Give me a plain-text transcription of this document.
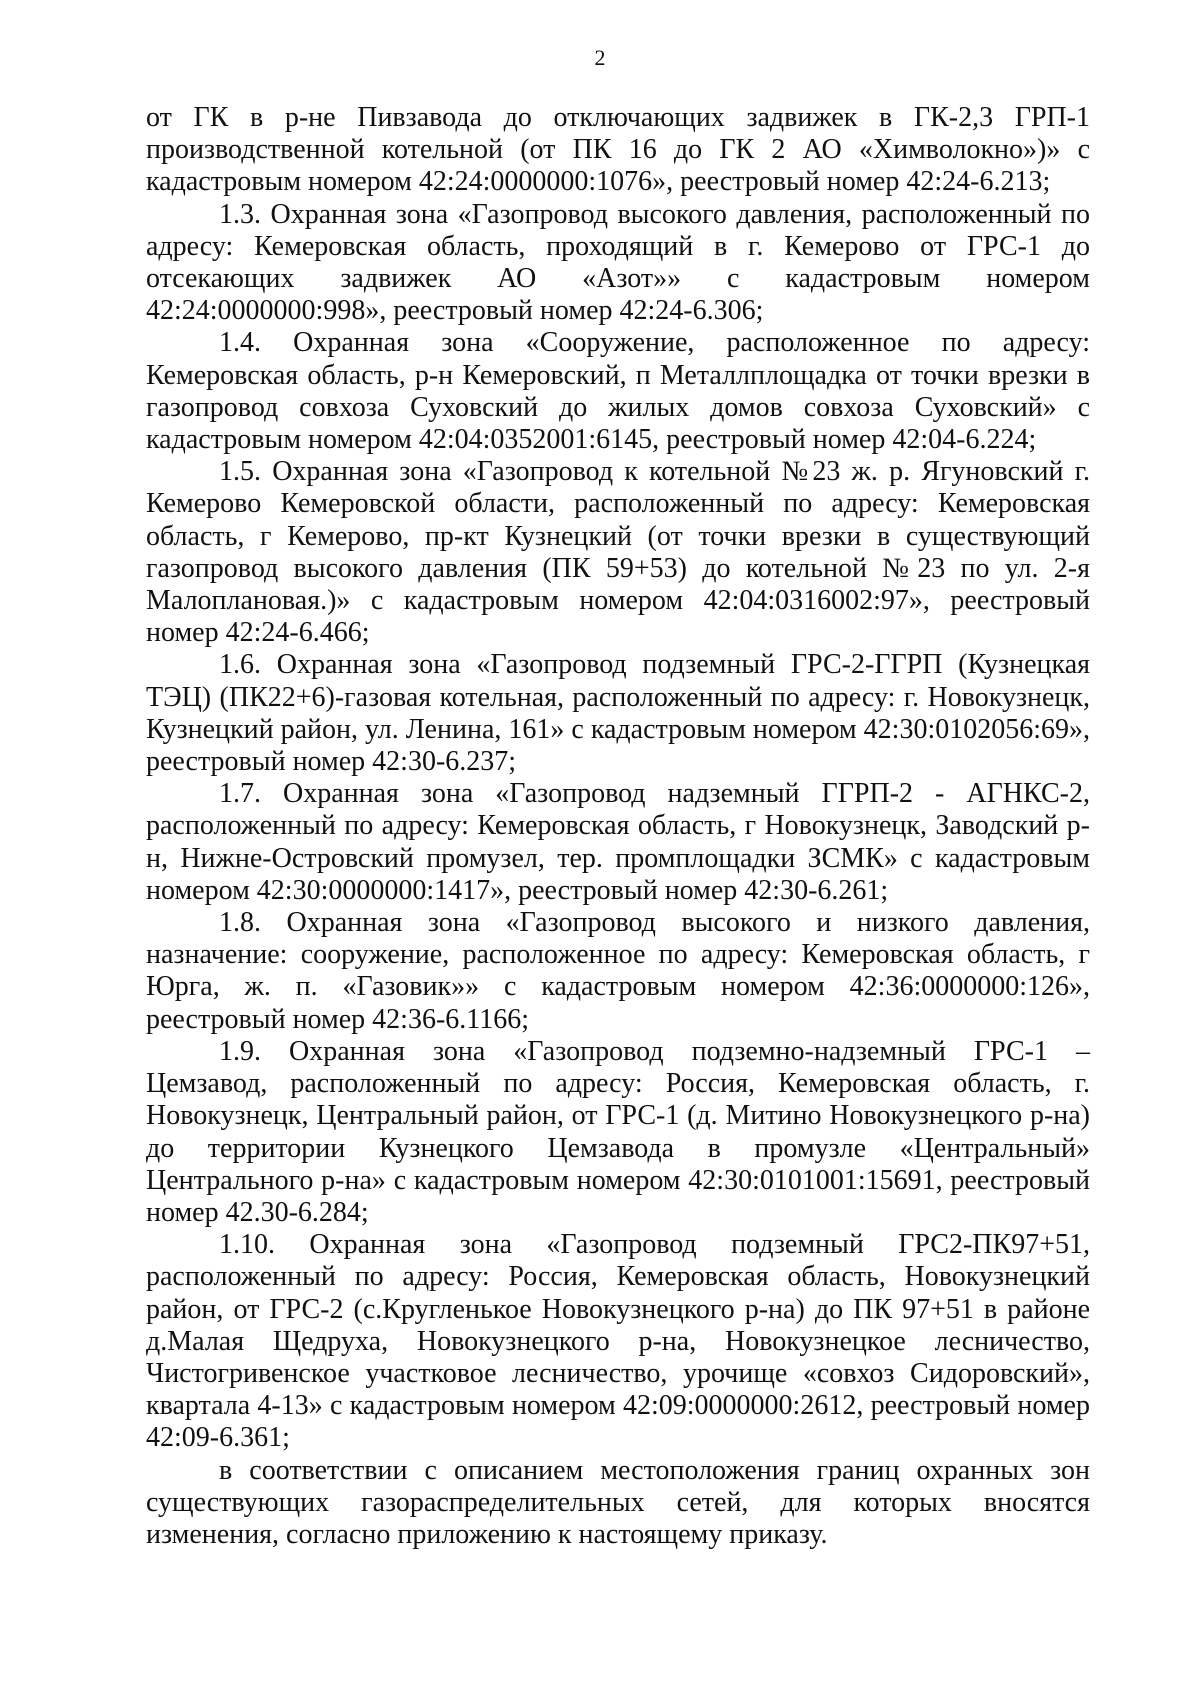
2

от ГК в р-не Пивзавода до отключающих задвижек в ГК-2,3 ГРП-1 производственной котельной (от ПК 16 до ГК 2 АО «Химволокно»)» с кадастровым номером 42:24:0000000:1076», реестровый номер 42:24-6.213;

1.3. Охранная зона «Газопровод высокого давления, расположенный по адресу: Кемеровская область, проходящий в г. Кемерово от ГРС-1 до отсекающих задвижек АО «Азот»» с кадастровым номером 42:24:0000000:998», реестровый номер 42:24-6.306;

1.4. Охранная зона «Сооружение, расположенное по адресу: Кемеровская область, р-н Кемеровский, п Металлплощадка от точки врезки в газопровод совхоза Суховский до жилых домов совхоза Суховский» с кадастровым номером 42:04:0352001:6145, реестровый номер 42:04-6.224;

1.5. Охранная зона «Газопровод к котельной №23 ж. р. Ягуновский г. Кемерово Кемеровской области, расположенный по адресу: Кемеровская область, г Кемерово, пр-кт Кузнецкий (от точки врезки в существующий газопровод высокого давления (ПК 59+53) до котельной №23 по ул. 2-я Малоплановая.)» с кадастровым номером 42:04:0316002:97», реестровый номер 42:24-6.466;

1.6. Охранная зона «Газопровод подземный ГРС-2-ГГРП (Кузнецкая ТЭЦ) (ПК22+6)-газовая котельная, расположенный по адресу: г. Новокузнецк, Кузнецкий район, ул. Ленина, 161» с кадастровым номером 42:30:0102056:69», реестровый номер 42:30-6.237;

1.7. Охранная зона «Газопровод надземный ГГРП-2 - АГНКС-2, расположенный по адресу: Кемеровская область, г Новокузнецк, Заводский р-н, Нижне-Островский промузел, тер. промплощадки ЗСМК» с кадастровым номером 42:30:0000000:1417», реестровый номер 42:30-6.261;

1.8. Охранная зона «Газопровод высокого и низкого давления, назначение: сооружение, расположенное по адресу: Кемеровская область, г Юрга, ж. п. «Газовик»» с кадастровым номером 42:36:0000000:126», реестровый номер 42:36-6.1166;

1.9. Охранная зона «Газопровод подземно-надземный ГРС-1 – Цемзавод, расположенный по адресу: Россия, Кемеровская область, г. Новокузнецк, Центральный район, от ГРС-1 (д. Митино Новокузнецкого р-на) до территории Кузнецкого Цемзавода в промузле «Центральный» Центрального р-на» с кадастровым номером 42:30:0101001:15691, реестровый номер 42.30-6.284;

1.10. Охранная зона «Газопровод подземный ГРС2-ПК97+51, расположенный по адресу: Россия, Кемеровская область, Новокузнецкий район, от ГРС-2 (с.Кругленькое Новокузнецкого р-на) до ПК 97+51 в районе д.Малая Щедруха, Новокузнецкого р-на, Новокузнецкое лесничество, Чистогривенское участковое лесничество, урочище «совхоз Сидоровский», квартала 4-13» с кадастровым номером 42:09:0000000:2612, реестровый номер 42:09-6.361;

в соответствии с описанием местоположения границ охранных зон существующих газораспределительных сетей, для которых вносятся изменения, согласно приложению к настоящему приказу.
